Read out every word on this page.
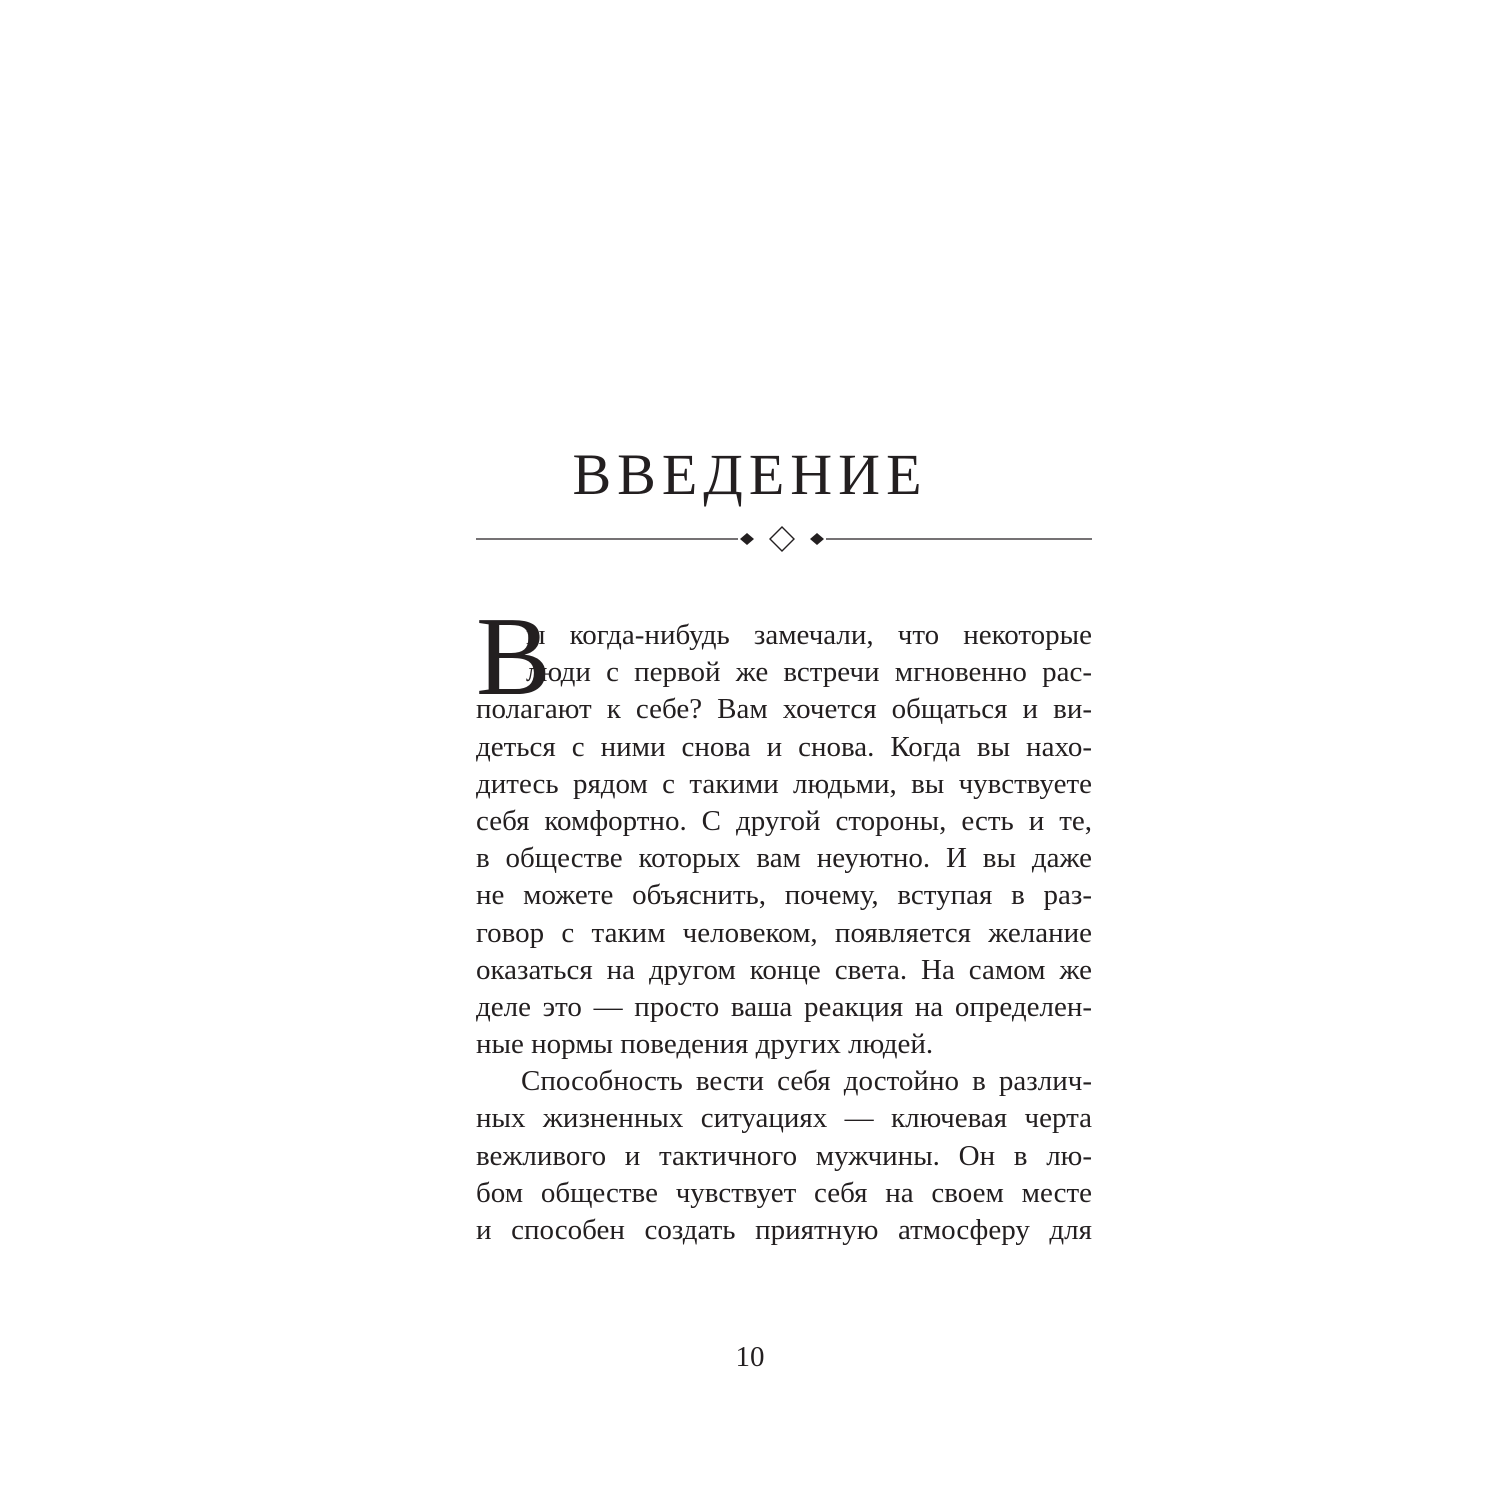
ВВЕДЕНИЕ
В
ы когда-нибудь замечали, что некоторые
люди с первой же встречи мгновенно рас-
полагают к себе? Вам хочется общаться и ви-
деться с ними снова и снова. Когда вы нахо-
дитесь рядом с такими людьми, вы чувствуете
себя комфортно. С другой стороны, есть и те,
в обществе которых вам неуютно. И вы даже
не можете объяснить, почему, вступая в раз-
говор с таким человеком, появляется желание
оказаться на другом конце света. На самом же
деле это — просто ваша реакция на определен-
ные нормы поведения других людей.
Способность вести себя достойно в различ-
ных жизненных ситуациях — ключевая черта
вежливого и тактичного мужчины. Он в лю-
бом обществе чувствует себя на своем месте
и способен создать приятную атмосферу для
10
